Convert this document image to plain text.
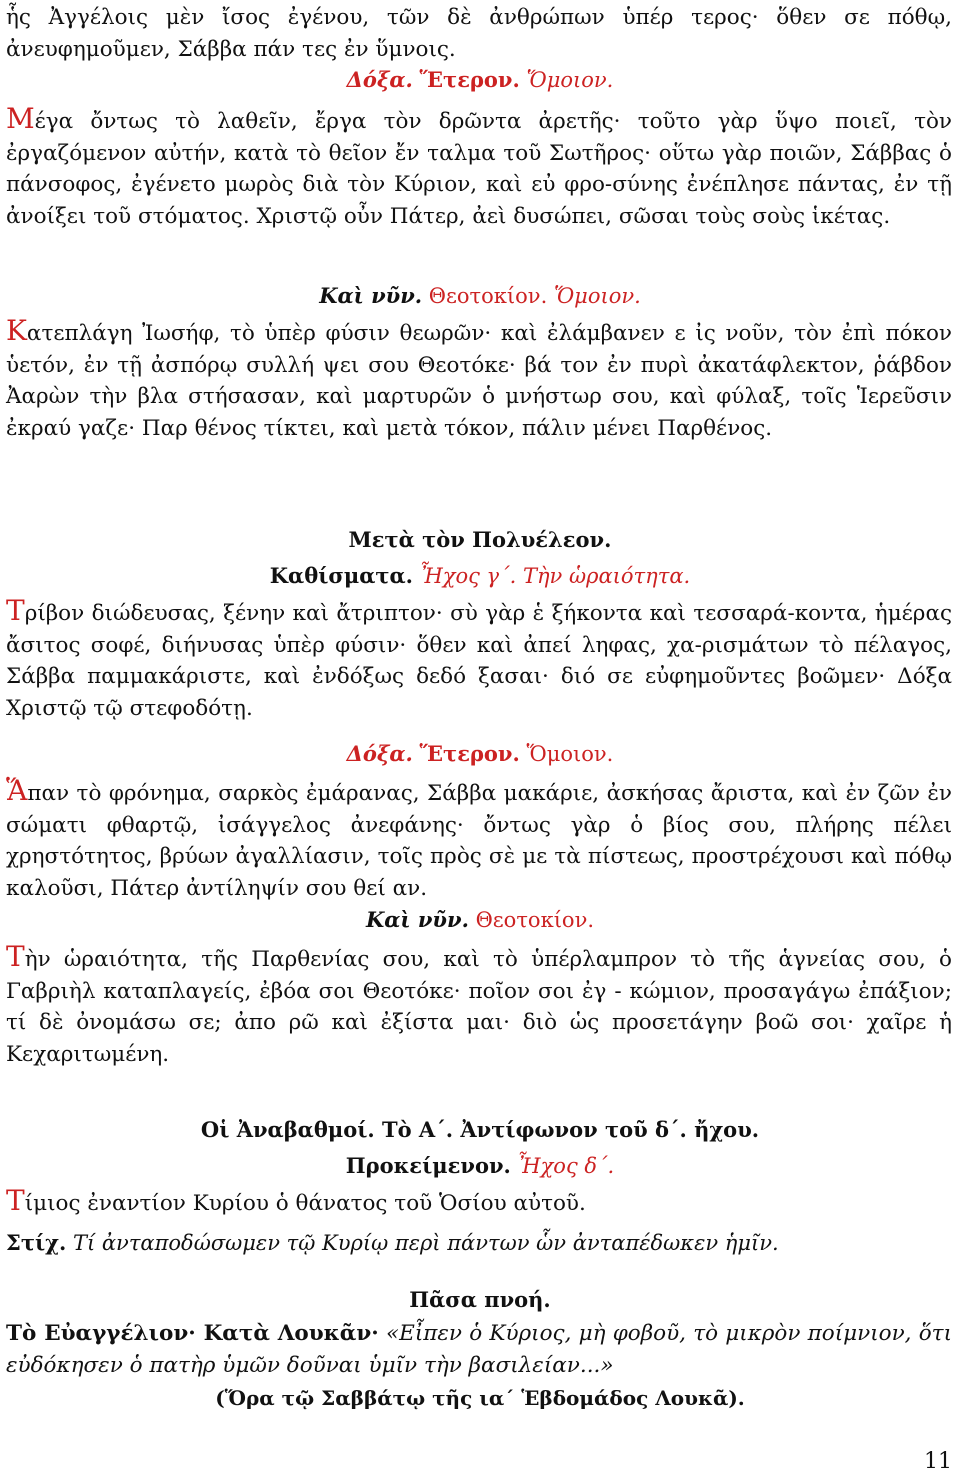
ἧς Ἀγγέλοις μὲν ἴσος ἐγένου, τῶν δὲ ἀνθρώπων ὑπέρ τερος· ὅθεν σε πόθῳ, ἀνευφημοῦμεν, Σάββα πάν τες ἐν ὕμνοις.

Δόξα. Ἕτερον. Ὅμοιον.

Μέγα ὄντως τὸ λαθεῖν, ἔργα τὸν δρῶντα ἀρετῆς· τοῦτο γὰρ ὕψο ποιεῖ, τὸν ἐργαζόμενον αὐτήν, κατὰ τὸ θεῖον ἔν ταλμα τοῦ Σωτῆρος· οὕτω γὰρ ποιῶν, Σάββας ὁ πάνσοφος, ἐγένετο μωρὸς διὰ τὸν Κύριον, καὶ εὐ φρο-σύνης ἐνέπλησε πάντας, ἐν τῇ ἀνοίξει τοῦ στόματος. Χριστῷ οὖν Πάτερ, ἀεὶ δυσώπει, σῶσαι τοὺς σοὺς ἱκέτας.

Καὶ νῦν. Θεοτοκίον. Ὅμοιον.

Κατεπλάγη Ἰωσήφ, τὸ ὑπὲρ φύσιν θεωρῶν· καὶ ἐλάμβανεν ε ἰς νοῦν, τὸν ἐπὶ πόκον ὑετόν, ἐν τῇ ἀσπόρῳ συλλή ψει σου Θεοτόκε· βά τον ἐν πυρὶ ἀκατάφλεκτον, ῥάβδον Ἀαρὼν τὴν βλα στήσασαν, καὶ μαρτυρῶν ὁ μνήστωρ σου, καὶ φύλαξ, τοῖς Ἱερεῦσιν ἐκραύ γαζε· Παρ θένος τίκτει, καὶ μετὰ τόκον, πάλιν μένει Παρθένος.

Μετὰ τὸν Πολυέλεον.

Καθίσματα. Ἦχος γ΄. Τὴν ὡραιότητα.

Τρίβον διώδευσας, ξένην καὶ ἄτριπτον· σὺ γὰρ ἑ ξήκοντα καὶ τεσσαρά-κοντα, ἡμέρας ἄσιτος σοφέ, διήνυσας ὑπὲρ φύσιν· ὅθεν καὶ ἀπεί ληφας, χα-ρισμάτων τὸ πέλαγος, Σάββα παμμακάριστε, καὶ ἐνδόξως δεδό ξασαι· διό σε εὐφημοῦντες βοῶμεν· Δόξα Χριστῷ τῷ στεφοδότῃ.

Δόξα. Ἕτερον. Ὅμοιον.

Ἅπαν τὸ φρόνημα, σαρκὸς ἐμάρανας, Σάββα μακάριε, ἀσκήσας ἄριστα, καὶ ἐν ζῶν ἐν σώματι φθαρτῷ, ἰσάγγελος ἀνεφάνης· ὄντως γὰρ ὁ βίος σου, πλήρης πέλει χρηστότητος, βρύων ἀγαλλίασιν, τοῖς πρὸς σὲ με τὰ πίστεως, προστρέχουσι καὶ πόθῳ καλοῦσι, Πάτερ ἀντίληψίν σου θεί αν.

Καὶ νῦν. Θεοτοκίον.

Τὴν ὡραιότητα, τῆς Παρθενίας σου, καὶ τὸ ὑπέρλαμπρον τὸ τῆς ἁγνείας σου, ὁ Γαβριὴλ καταπλαγείς, ἐβόα σοι Θεοτόκε· ποῖον σοι ἐγ - κώμιον, προσαγάγω ἐπάξιον; τί δὲ ὀνομάσω σε; ἀπο ρῶ καὶ ἐξίστα μαι· διὸ ὡς προσετάγην βοῶ σοι· χαῖρε ἡ Κεχαριτωμένη.

Οἱ Ἀναβαθμοί. Τὸ Α΄. Ἀντίφωνον τοῦ δ΄. ἤχου.

Προκείμενον. Ἦχος δ΄.

Τίμιος ἐναντίον Κυρίου ὁ θάνατος τοῦ Ὁσίου αὐτοῦ.

Στίχ. Τί ἀνταποδώσωμεν τῷ Κυρίῳ περὶ πάντων ὧν ἀνταπέδωκεν ἡμῖν.

Πᾶσα πνοή.

Τὸ Εὐαγγέλιον· Κατὰ Λουκᾶν· «Εἶπεν ὁ Κύριος, μὴ φοβοῦ, τὸ μικρὸν ποίμνιον, ὅτι εὐδόκησεν ὁ πατὴρ ὑμῶν δοῦναι ὑμῖν τὴν βασιλείαν...»

(Ὅρα τῷ Σαββάτῳ τῆς ια΄ Ἑβδομάδος Λουκᾶ).

11
